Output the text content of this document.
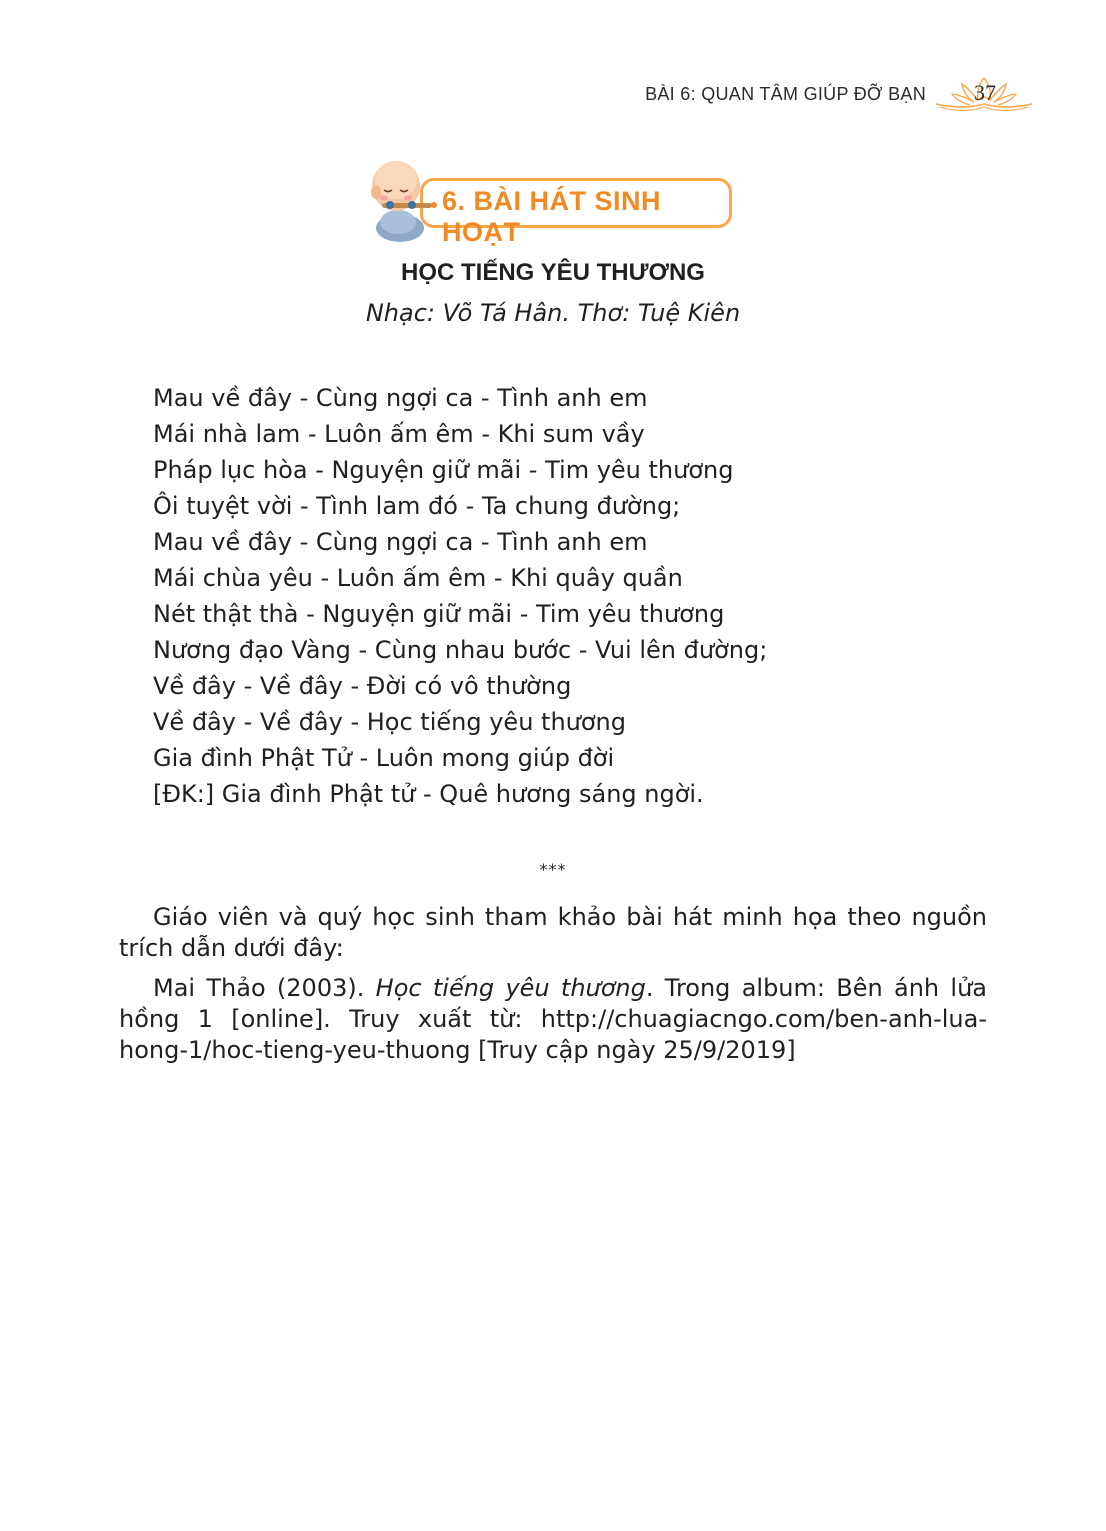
BÀI 6: QUAN TÂM GIÚP ĐỠ BẠN 37
6. BÀI HÁT SINH HOẠT
HỌC TIẾNG YÊU THƯƠNG
Nhạc: Võ Tá Hân. Thơ: Tuệ Kiên
Mau về đây - Cùng ngợi ca - Tình anh em
Mái nhà lam - Luôn ấm êm - Khi sum vầy
Pháp lục hòa - Nguyện giữ mãi - Tim yêu thương
Ôi tuyệt vời - Tình lam đó - Ta chung đường;
Mau về đây - Cùng ngợi ca - Tình anh em
Mái chùa yêu - Luôn ấm êm - Khi quây quần
Nét thật thà - Nguyện giữ mãi - Tim yêu thương
Nương đạo Vàng - Cùng nhau bước - Vui lên đường;
Về đây - Về đây - Đời có vô thường
Về đây - Về đây - Học tiếng yêu thương
Gia đình Phật Tử - Luôn mong giúp đời
[ĐK:] Gia đình Phật tử - Quê hương sáng ngời.
***
Giáo viên và quý học sinh tham khảo bài hát minh họa theo nguồn trích dẫn dưới đây:
Mai Thảo (2003). Học tiếng yêu thương. Trong album: Bên ánh lửa hồng 1 [online]. Truy xuất từ: http://chuagiacngo.com/ben-anh-lua-hong-1/hoc-tieng-yeu-thuong [Truy cập ngày 25/9/2019]
